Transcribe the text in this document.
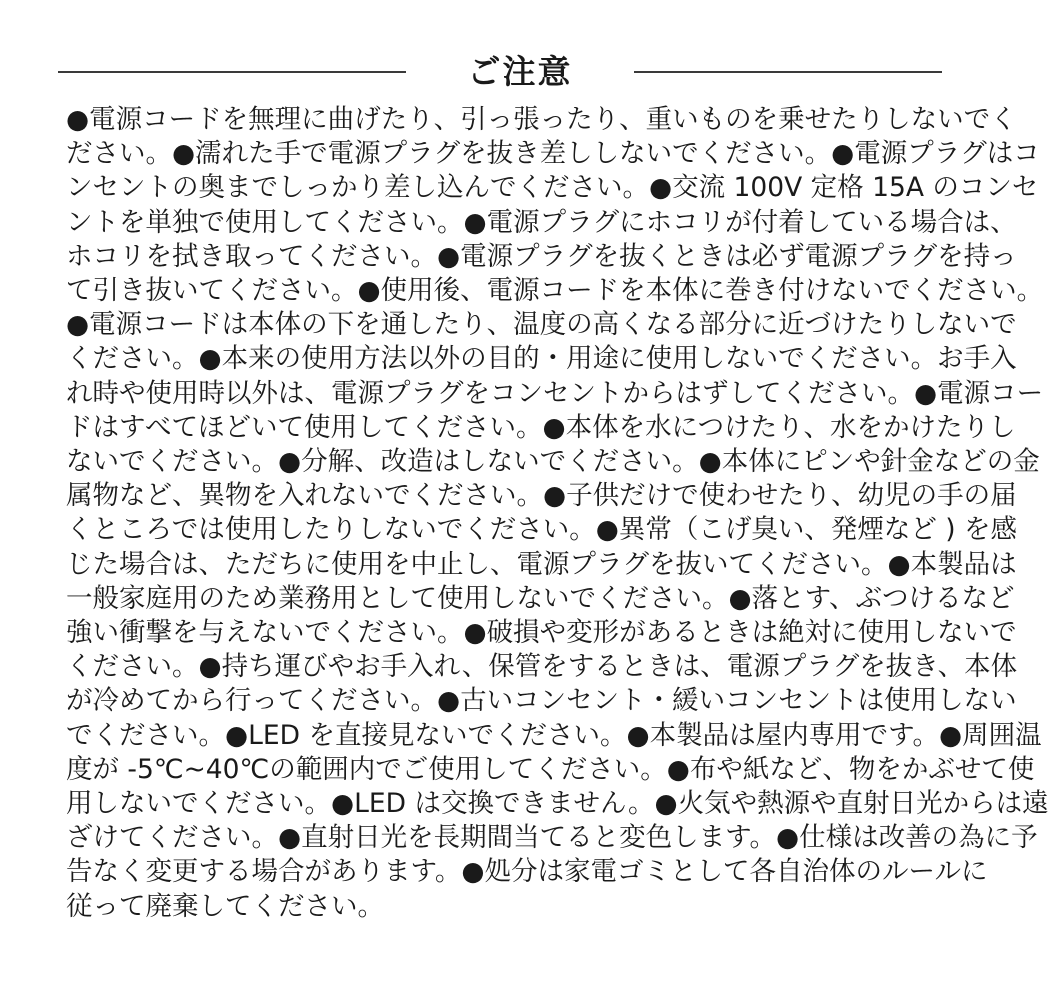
ご注意
●電源コードを無理に曲げたり、引っ張ったり、重いものを乗せたりしないでく
ださい。●濡れた手で電源プラグを抜き差ししないでください。●電源プラグはコ
ンセントの奥までしっかり差し込んでください。●交流 100V 定格 15A のコンセ
ントを単独で使用してください。●電源プラグにホコリが付着している場合は、
ホコリを拭き取ってください。●電源プラグを抜くときは必ず電源プラグを持っ
て引き抜いてください。●使用後、電源コードを本体に巻き付けないでください。
●電源コードは本体の下を通したり、温度の高くなる部分に近づけたりしないで
ください。●本来の使用方法以外の目的・用途に使用しないでください。お手入
れ時や使用時以外は、電源プラグをコンセントからはずしてください。●電源コー
ドはすべてほどいて使用してください。●本体を水につけたり、水をかけたりし
ないでください。●分解、改造はしないでください。●本体にピンや針金などの金
属物など、異物を入れないでください。●子供だけで使わせたり、幼児の手の届
くところでは使用したりしないでください。●異常（こげ臭い、発煙など ) を感
じた場合は、ただちに使用を中止し、電源プラグを抜いてください。●本製品は
一般家庭用のため業務用として使用しないでください。●落とす、ぶつけるなど
強い衝撃を与えないでください。●破損や変形があるときは絶対に使用しないで
ください。●持ち運びやお手入れ、保管をするときは、電源プラグを抜き、本体
が冷めてから行ってください。●古いコンセント・緩いコンセントは使用しない
でください。●LED を直接見ないでください。●本製品は屋内専用です。●周囲温
度が -5℃~40℃の範囲内でご使用してください。●布や紙など、物をかぶせて使
用しないでください。●LED は交換できません。●火気や熱源や直射日光からは遠
ざけてください。●直射日光を長期間当てると変色します。●仕様は改善の為に予
告なく変更する場合があります。●処分は家電ゴミとして各自治体のルールに
従って廃棄してください。
